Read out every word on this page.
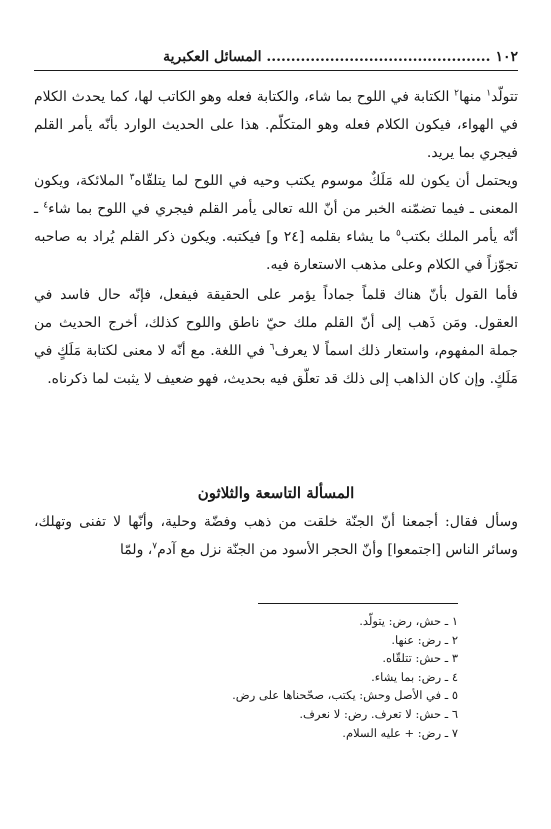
١٠٢ .............................................. المسائل العكبرية

تتولّد$^١$ منها$^٢$ الكتابة في اللوح بما شاء، والكتابة فعله وهو الكاتب لها، كما يحدث الكلام في الهواء، فيكون الكلام فعله وهو المتكلّم. هذا على الحديث الوارد بأنّه يأمر القلم فيجري بما يريد.

ويحتمل أن يكون لله مَلَكٌ موسوم يكتب وحيه في اللوح لما يتلقّاه$^٣$ الملائكة، ويكون المعنى ـ فيما تضمّنه الخبر من أنّ الله تعالى يأمر القلم فيجري في اللوح بما شاء$^٤$ ـ أنّه يأمر الملك بكتب$^٥$ ما يشاء بقلمه [٢٤ و] فيكتبه. ويكون ذكر القلم يُراد به صاحبه تجوّزاً في الكلام وعلى مذهب الاستعارة فيه.

فأما القول بأنّ هناك قلماً جماداً يؤمر على الحقيقة فيفعل، فإنّه حال فاسد في العقول. ومَن ذَهب إلى أنّ القلم ملك حيّ ناطق واللوح كذلك، أخرج الحديث من جملة المفهوم، واستعار ذلك اسماً لا يعرف$^٦$ في اللغة. مع أنّه لا معنى لكتابة مَلَكٍ في مَلَكٍ. وإن كان الذاهب إلى ذلك قد تعلّق فيه بحديث، فهو ضعيف لا يثبت لما ذكرناه.

المسألة التاسعة والثلاثون

وسأل فقال: أجمعنا أنّ الجنّة خلقت من ذهب وفضّة وحلية، وأنّها لا تفنى وتهلك، وسائر الناس [اجتمعوا] وأنّ الحجر الأسود من الجنّة نزل مع آدم$^٧$، ولمّا

١ ـ حش، رض: يتولّد.
٢ ـ رض: عنها.
٣ ـ حش: تتلقّاه.
٤ ـ رض: بما يشاء.
٥ ـ في الأصل وحش: يكتب، صحّحناها على رض.
٦ ـ حش: لا تعرف. رض: لا نعرف.
٧ ـ رض: + عليه السلام.
